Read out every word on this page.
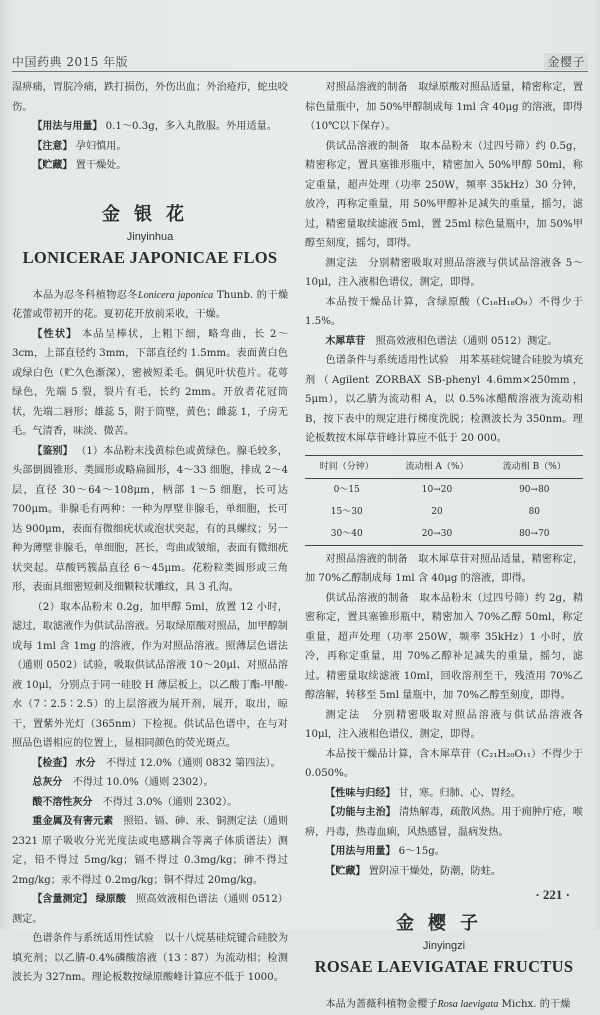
中国药典 2015 年版	金樱子

湿痹痛，胃脘冷痛，跌打损伤，外伤出血；外治疮疖，蛇虫咬伤。

【用法与用量】 0.1～0.3g，多入丸散服。外用适量。

【注意】 孕妇慎用。

【贮藏】 置干燥处。

金银花
Jinyinhua
LONICERAE JAPONICAE FLOS

本品为忍冬科植物忍冬Lonicera japonica Thunb. 的干燥花蕾或带初开的花。夏初花开放前采收，干燥。

【性状】 本品呈棒状，上粗下细，略弯曲，长 2～3cm，上部直径约 3mm，下部直径约 1.5mm。表面黄白色或绿白色（贮久色渐深），密被短柔毛。偶见叶状苞片。花萼绿色，先端 5 裂，裂片有毛，长约 2mm。开放者花冠筒状，先端二唇形；雄蕊 5，附于筒壁，黄色；雌蕊 1，子房无毛。气清香，味淡、微苦。

【鉴别】 （1）本品粉末浅黄棕色或黄绿色。腺毛较多，头部倒圆锥形、类圆形或略扁圆形，4～33 细胞，排成 2～4 层，直径 30～64～108μm，柄部 1～5 细胞，长可达 700μm。非腺毛有两种：一种为厚壁非腺毛，单细胞，长可达 900μm，表面有微细疣状或泡状突起，有的具螺纹；另一种为薄壁非腺毛，单细胞，甚长，弯曲或皱缩，表面有微细疣状突起。草酸钙簇晶直径 6～45μm。花粉粒类圆形或三角形，表面具细密短刺及细颗粒状雕纹，具 3 孔沟。

（2）取本品粉末 0.2g，加甲醇 5ml，放置 12 小时，滤过，取滤液作为供试品溶液。另取绿原酸对照品，加甲醇制成每 1ml 含 1mg 的溶液，作为对照品溶液。照薄层色谱法（通则 0502）试验，吸取供试品溶液 10～20μl、对照品溶液 10μl，分别点于同一硅胶 H 薄层板上，以乙酸丁酯-甲酸-水（7∶2.5∶2.5）的上层溶液为展开剂，展开，取出，晾干，置紫外光灯（365nm）下检视。供试品色谱中，在与对照品色谱相应的位置上，显相同颜色的荧光斑点。

【检查】 水分　 不得过 12.0%（通则 0832 第四法）。

总灰分　 不得过 10.0%（通则 2302）。

酸不溶性灰分　 不得过 3.0%（通则 2302）。

重金属及有害元素　 照铅、镉、砷、汞、铜测定法（通则 2321 原子吸收分光光度法或电感耦合等离子体质谱法）测定，铅不得过 5mg/kg；镉不得过 0.3mg/kg；砷不得过 2mg/kg；汞不得过 0.2mg/kg；铜不得过 20mg/kg。

【含量测定】 绿原酸　 照高效液相色谱法（通则 0512）测定。

色谱条件与系统适用性试验　 以十八烷基硅烷键合硅胶为填充剂；以乙腈-0.4%磷酸溶液（13∶87）为流动相；检测波长为 327nm。理论板数按绿原酸峰计算应不低于 1000。

对照品溶液的制备　 取绿原酸对照品适量，精密称定，置棕色量瓶中，加 50%甲醇制成每 1ml 含 40μg 的溶液，即得（10℃以下保存）。

供试品溶液的制备　 取本品粉末（过四号筛）约 0.5g，精密称定，置具塞锥形瓶中，精密加入 50%甲醇 50ml，称定重量，超声处理（功率 250W，频率 35kHz）30 分钟，放冷，再称定重量，用 50%甲醇补足减失的重量，摇匀，滤过，精密量取续滤液 5ml，置 25ml 棕色量瓶中，加 50%甲醇至刻度，摇匀，即得。

测定法　 分别精密吸取对照品溶液与供试品溶液各 5～10μl，注入液相色谱仪，测定，即得。

本品按干燥品计算，含绿原酸（C₁₆H₁₈O₉）不得少于 1.5%。

木犀草苷　 照高效液相色谱法（通则 0512）测定。

色谱条件与系统适用性试验　 用苯基硅烷键合硅胶为填充剂（Agilent ZORBAX SB-phenyl 4.6mm×250mm，5μm），以乙腈为流动相 A，以 0.5%冰醋酸溶液为流动相 B，按下表中的规定进行梯度洗脱；检测波长为 350nm。理论板数按木犀草苷峰计算应不低于 20 000。

时间（分钟）	流动相 A（%）	流动相 B（%）
0～15	10→20	90→80
15～30	20	80
30～40	20→30	80→70

对照品溶液的制备　 取木犀草苷对照品适量，精密称定，加 70%乙醇制成每 1ml 含 40μg 的溶液，即得。

供试品溶液的制备　 取本品粉末（过四号筛）约 2g，精密称定，置具塞锥形瓶中，精密加入 70%乙醇 50ml，称定重量，超声处理（功率 250W，频率 35kHz）1 小时，放冷，再称定重量，用 70%乙醇补足减失的重量，摇匀，滤过。精密量取续滤液 10ml，回收溶剂至干，残渣用 70%乙醇溶解，转移至 5ml 量瓶中，加 70%乙醇至刻度，即得。

测定法　 分别精密吸取对照品溶液与供试品溶液各 10μl，注入液相色谱仪，测定，即得。

本品按干燥品计算，含木犀草苷（C₂₁H₂₀O₁₁）不得少于 0.050%。

【性味与归经】 甘，寒。归肺、心、胃经。

【功能与主治】 清热解毒，疏散风热。用于痈肿疔疮，喉痹，丹毒，热毒血痢，风热感冒，温病发热。

【用法与用量】 6～15g。

【贮藏】 置阴凉干燥处，防潮，防蛀。

金樱子
Jinyingzi
ROSAE LAEVIGATAE FRUCTUS

本品为蔷薇科植物金樱子Rosa laevigata Michx. 的干燥

· 221 ·
